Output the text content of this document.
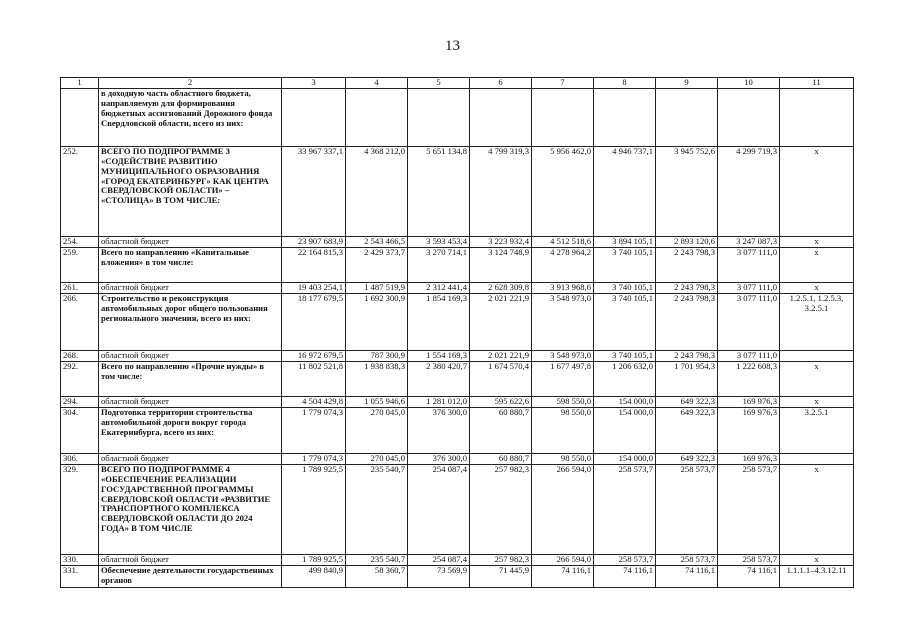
13
1	2	3	4	5	6	7	8	9	10	11
	в доходную часть областного бюджета, направляемую для формирования бюджетных ассигнований Дорожного фонда Свердловской области, всего из них:									
252.	ВСЕГО ПО ПОДПРОГРАММЕ 3 «СОДЕЙСТВИЕ РАЗВИТИЮ МУНИЦИПАЛЬНОГО ОБРАЗОВАНИЯ «ГОРОД ЕКАТЕРИНБУРГ» КАК ЦЕНТРА СВЕРДЛОВСКОЙ ОБЛАСТИ» – «СТОЛИЦА» В ТОМ ЧИСЛЕ:	33 967 337,1	4 368 212,0	5 651 134,8	4 799 319,3	5 956 462,0	4 946 737,1	3 945 752,6	4 299 719,3	x
254.	областной бюджет	23 907 683,9	2 543 466,5	3 593 453,4	3 223 932,4	4 512 518,6	3 894 105,1	2 893 120,6	3 247 087,3	x
259.	Всего по направлению «Капитальные вложения» в том числе:	22 164 815,3	2 429 373,7	3 270 714,1	3 124 748,9	4 278 964,2	3 740 105,1	2 243 798,3	3 077 111,0	x
261.	областной бюджет	19 403 254,1	1 487 519,9	2 312 441,4	2 628 309,8	3 913 968,6	3 740 105,1	2 243 798,3	3 077 111,0	x
266.	Строительство и реконструкция автомобильных дорог общего пользования регионального значения, всего из них:	18 177 679,5	1 692 300,9	1 854 169,3	2 021 221,9	3 548 973,0	3 740 105,1	2 243 798,3	3 077 111,0	1.2.5.1, 1.2.5.3, 3.2.5.1
268.	областной бюджет	16 972 679,5	787 300,9	1 554 169,3	2 021 221,9	3 548 973,0	3 740 105,1	2 243 798,3	3 077 111,0	
292.	Всего по направлению «Прочие нужды» в том числе:	11 802 521,8	1 938 838,3	2 380 420,7	1 674 570,4	1 677 497,8	1 206 632,0	1 701 954,3	1 222 608,3	x
294.	областной бюджет	4 504 429,8	1 055 946,6	1 281 012,0	595 622,6	598 550,0	154 000,0	649 322,3	169 976,3	x
304.	Подготовка территории строительства автомобильной дороги вокруг города Екатеринбурга, всего из них:	1 779 074,3	270 045,0	376 300,0	60 880,7	98 550,0	154 000,0	649 322,3	169 976,3	3.2.5.1
306.	областной бюджет	1 779 074,3	270 045,0	376 300,0	60 880,7	98 550,0	154 000,0	649 322,3	169 976,3	
329.	ВСЕГО ПО ПОДПРОГРАММЕ 4 «ОБЕСПЕЧЕНИЕ РЕАЛИЗАЦИИ ГОСУДАРСТВЕННОЙ ПРОГРАММЫ СВЕРДЛОВСКОЙ ОБЛАСТИ «РАЗВИТИЕ ТРАНСПОРТНОГО КОМПЛЕКСА СВЕРДЛОВСКОЙ ОБЛАСТИ ДО 2024 ГОДА» В ТОМ ЧИСЛЕ	1 789 925,5	235 540,7	254 087,4	257 982,3	266 594,0	258 573,7	258 573,7	258 573,7	x
330.	областной бюджет	1 789 925,5	235 540,7	254 087,4	257 982,3	266 594,0	258 573,7	258 573,7	258 573,7	x
331.	Обеспечение деятельности государственных органов	499 840,9	58 360,7	73 569,9	71 445,9	74 116,1	74 116,1	74 116,1	74 116,1	1.1.1.1–4.3.12.11
